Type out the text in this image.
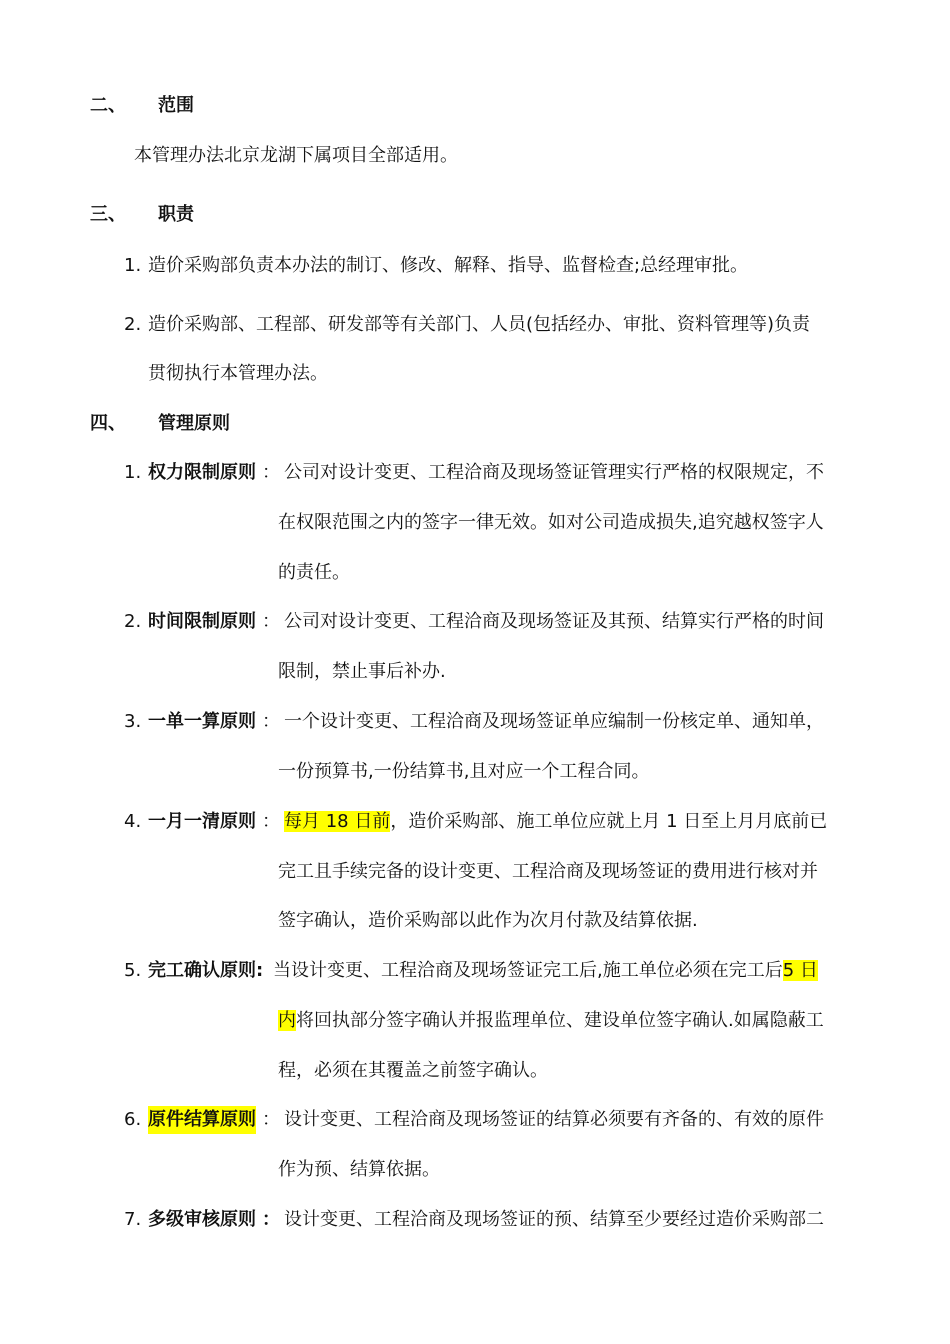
二、 范围
本管理办法北京龙湖下属项目全部适用。
三、 职责
1. 造价采购部负责本办法的制订、修改、解释、指导、监督检查;总经理审批。
2. 造价采购部、工程部、研发部等有关部门、人员(包括经办、审批、资料管理等)负责
贯彻执行本管理办法。
四、 管理原则
1. 权力限制原则 ： 公司对设计变更、工程洽商及现场签证管理实行严格的权限规定，不
在权限范围之内的签字一律无效。如对公司造成损失,追究越权签字人
的责任。
2. 时间限制原则 ： 公司对设计变更、工程洽商及现场签证及其预、结算实行严格的时间
限制，禁止事后补办.
3. 一单一算原则 ： 一个设计变更、工程洽商及现场签证单应编制一份核定单、通知单，
一份预算书,一份结算书,且对应一个工程合同。
4. 一月一清原则 ： 每月 18 日前，造价采购部、施工单位应就上月 1 日至上月月底前已
完工且手续完备的设计变更、工程洽商及现场签证的费用进行核对并
签字确认，造价采购部以此作为次月付款及结算依据.
5. 完工确认原则: 当设计变更、工程洽商及现场签证完工后,施工单位必须在完工后5 日
内将回执部分签字确认并报监理单位、建设单位签字确认.如属隐蔽工
程，必须在其覆盖之前签字确认。
6. 原件结算原则 ： 设计变更、工程洽商及现场签证的结算必须要有齐备的、有效的原件
作为预、结算依据。
7. 多级审核原则 ： 设计变更、工程洽商及现场签证的预、结算至少要经过造价采购部二
